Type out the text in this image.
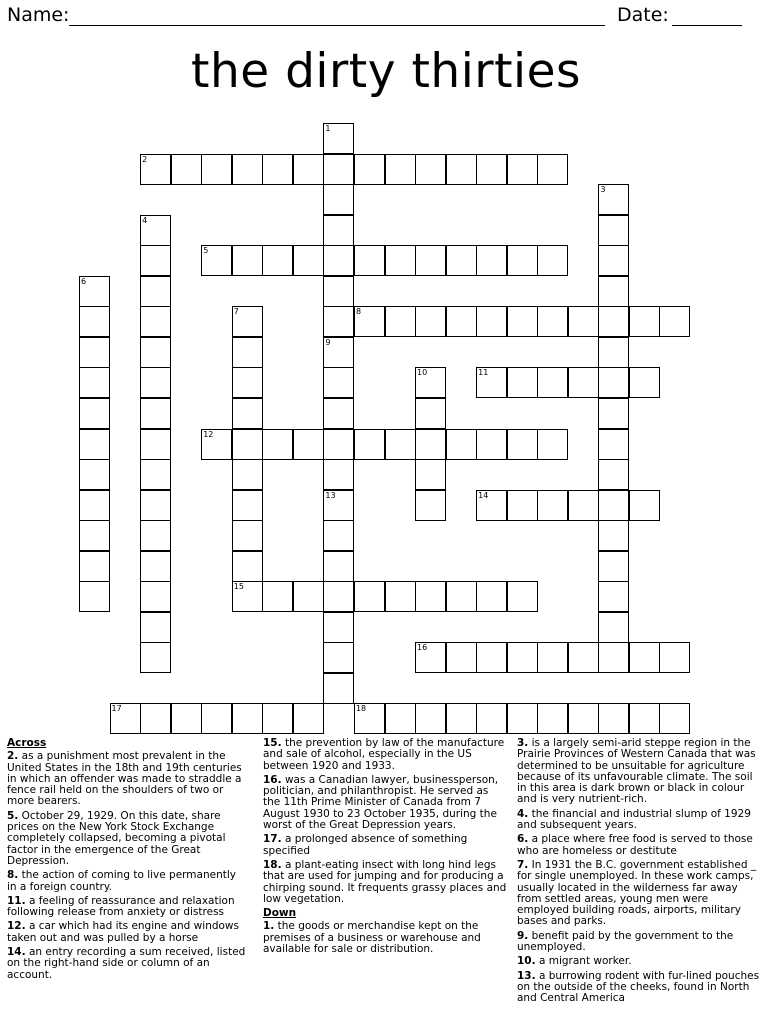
Name:	Date:
the dirty thirties
1
9
13
2
3
4
5
6
7
15
8
10	11
12
14
16
17	18
Across

2. as a punishment most prevalent in the United States in the 18th and 19th centuries in which an offender was made to straddle a fence rail held on the shoulders of two or more bearers.

5. October 29, 1929. On this date, share prices on the New York Stock Exchange completely collapsed, becoming a pivotal factor in the emergence of the Great Depression.

8. the action of coming to live permanently in a foreign country.

11. a feeling of reassurance and relaxation following release from anxiety or distress

12. a car which had its engine and windows taken out and was pulled by a horse

14. an entry recording a sum received, listed on the right-hand side or column of an account.

15. the prevention by law of the manufacture and sale of alcohol, especially in the US between 1920 and 1933.

16. was a Canadian lawyer, businessperson, politician, and philanthropist. He served as the 11th Prime Minister of Canada from 7 August 1930 to 23 October 1935, during the worst of the Great Depression years.

17. a prolonged absence of something specified

18. a plant-eating insect with long hind legs that are used for jumping and for producing a chirping sound. It frequents grassy places and low vegetation.

Down

1. the goods or merchandise kept on the premises of a business or warehouse and available for sale or distribution.

3. is a largely semi-arid steppe region in the Prairie Provinces of Western Canada that was determined to be unsuitable for agriculture because of its unfavourable climate. The soil in this area is dark brown or black in colour and is very nutrient-rich.

4. the financial and industrial slump of 1929 and subsequent years.

6. a place where free food is served to those who are homeless or destitute

7. In 1931 the B.C. government established _ for single unemployed. In these work camps, usually located in the wilderness far away from settled areas, young men were employed building roads, airports, military bases and parks.

9. benefit paid by the government to the unemployed.

10. a migrant worker.

13. a burrowing rodent with fur-lined pouches on the outside of the cheeks, found in North and Central America
